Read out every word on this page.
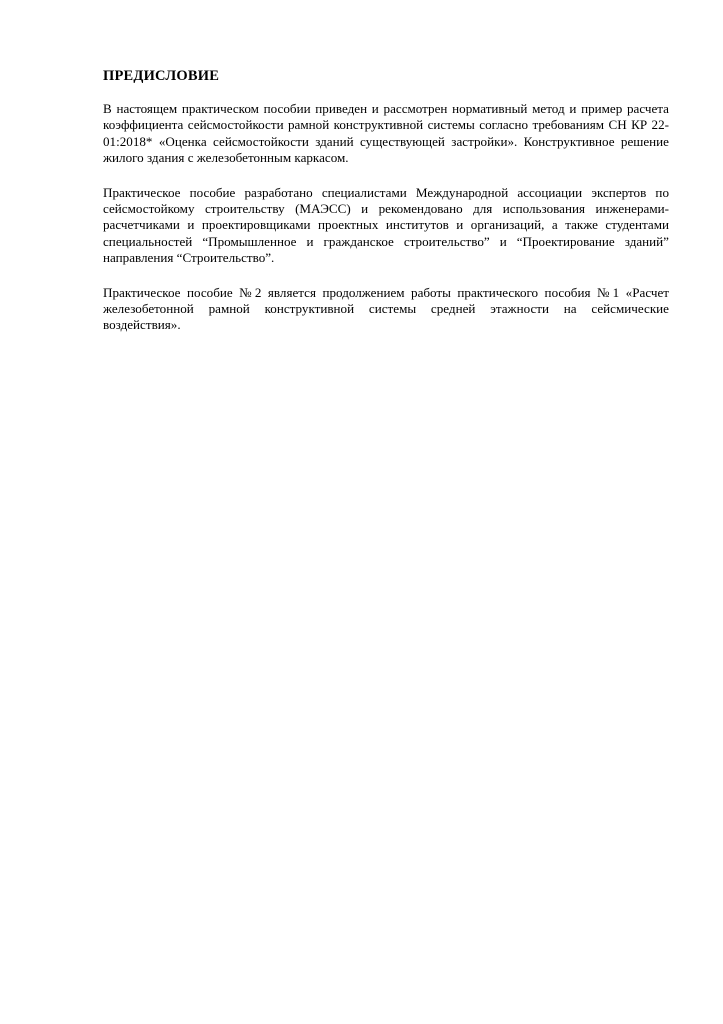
ПРЕДИСЛОВИЕ

В настоящем практическом пособии приведен и рассмотрен нормативный метод и пример расчета коэффициента сейсмостойкости рамной конструктивной системы согласно требованиям СН КР 22-01:2018* «Оценка сейсмостойкости зданий существующей застройки». Конструктивное решение жилого здания с железобетонным каркасом.

Практическое пособие разработано специалистами Международной ассоциации экспертов по сейсмостойкому строительству (МАЭСС) и рекомендовано для использования инженерами-расчетчиками и проектировщиками проектных институтов и организаций, а также студентами специальностей “Промышленное и гражданское строительство” и “Проектирование зданий” направления “Строительство”.

Практическое пособие №2 является продолжением работы практического пособия №1 «Расчет железобетонной рамной конструктивной системы средней этажности на сейсмические воздействия».
